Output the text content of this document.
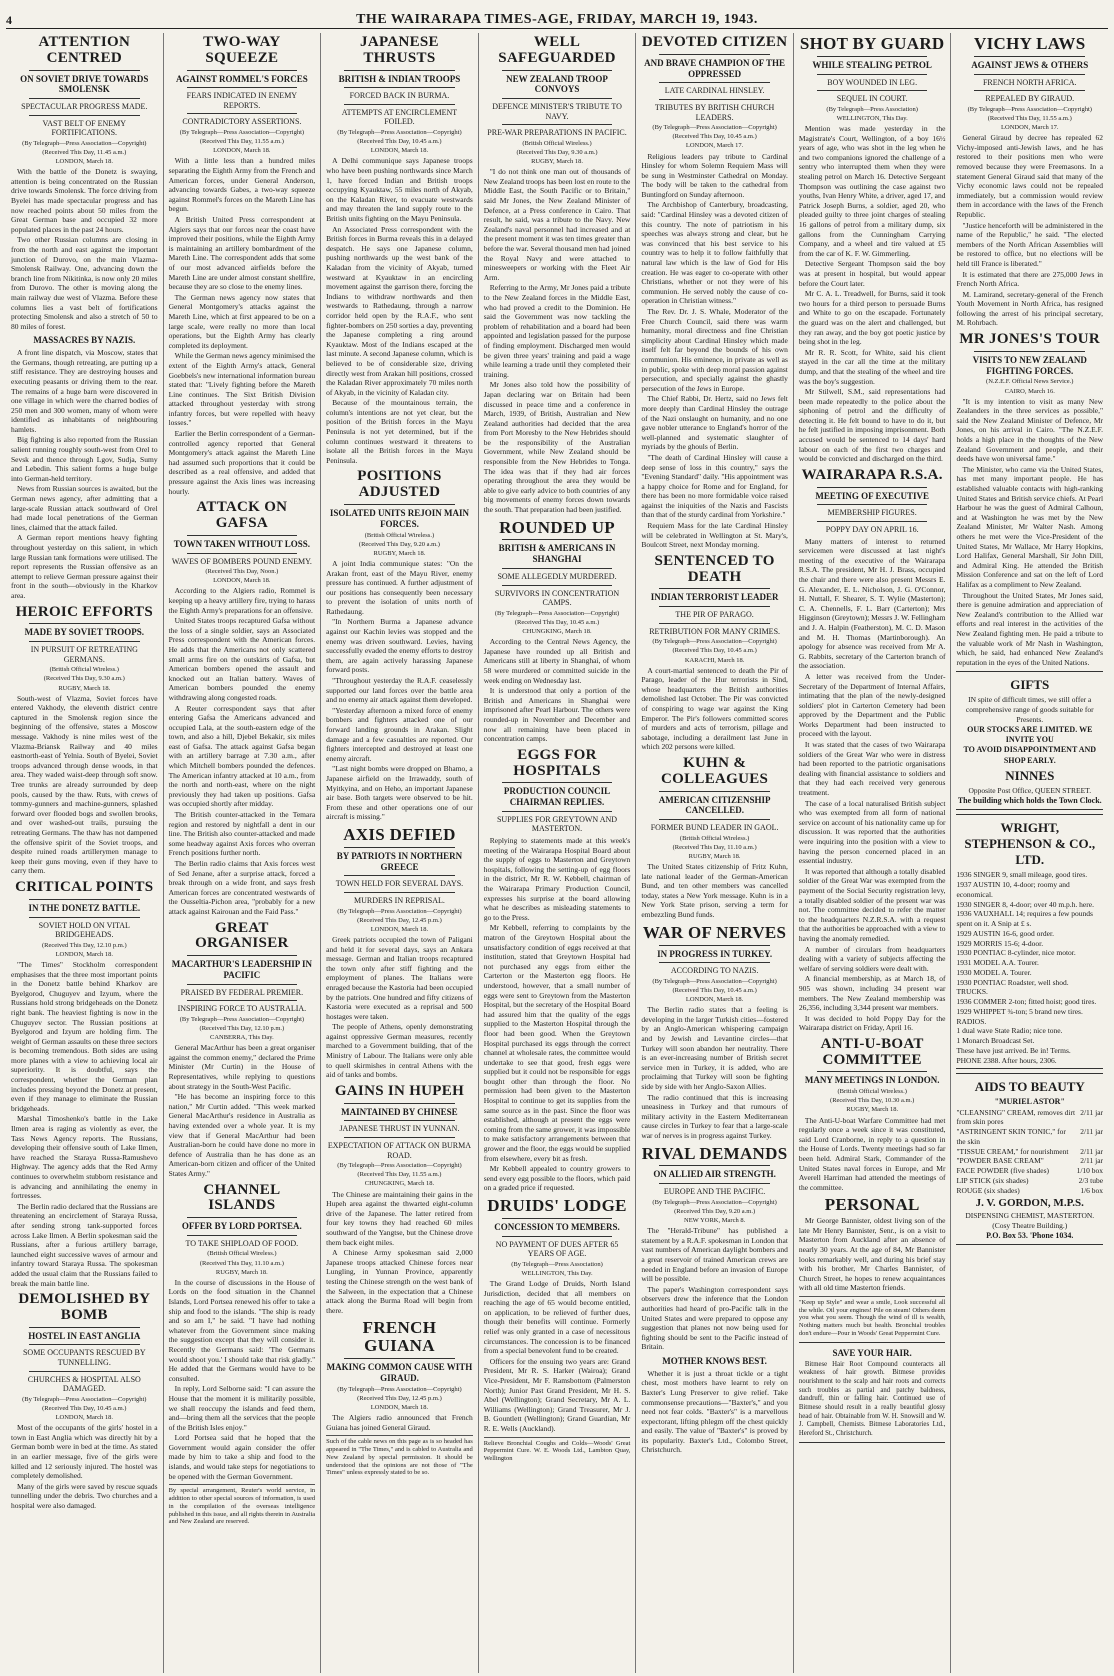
4	THE WAIRARAPA TIMES-AGE, FRIDAY, MARCH 19, 1943.
ATTENTION CENTRED
ON SOVIET DRIVE TOWARDS SMOLENSK
SPECTACULAR PROGRESS MADE.
VAST BELT OF ENEMY FORTIFICATIONS.
(By Telegraph—Press Association—Copyright)
(Received This Day, 11.45 a.m.)
LONDON, March 18.

With the battle of the Donetz is swaying, attention is being concentrated on the Russian drive towards Smolensk. The force driving from Byelei has made spectacular progress and has now reached points about 50 miles from the Great German base and occupied 32 more populated places in the past 24 hours.

Two other Russian columns are closing in from the north and east against the important junction of Durovo, on the main Vlazma-Smolensk Railway. One, advancing down the branch line from Nikitinka, is now only 20 miles from Durovo. The other is moving along the main railway due west of Vlazma. Before these columns lies a vast belt of fortifications protecting Smolensk and also a stretch of 50 to 80 miles of forest.

MASSACRES BY NAZIS.

A front line dispatch, via Moscow, states that the Germans, though retreating, are putting up a stiff resistance. They are destroying houses and executing peasants or driving them to the rear. The remains of a huge barn were discovered in one village in which were the charred bodies of 250 men and 300 women, many of whom were identified as inhabitants of neighbouring hamlets.

Big fighting is also reported from the Russian salient running roughly south-west from Orel to Sevsk and thence through Lgov, Sudja, Sumy and Lebedin. This salient forms a huge bulge into German-held territory.

News from Russian sources is awaited, but the German news agency, after admitting that a large-scale Russian attack southward of Orel had made local penetrations of the German lines, claimed that the attack failed.

A German report mentions heavy fighting throughout yesterday on this salient, in which large Russian tank formations were utilised. The report represents the Russian offensive as an attempt to relieve German pressure against their front in the south—obviously in the Kharkov area.

HEROIC EFFORTS
MADE BY SOVIET TROOPS.
IN PURSUIT OF RETREATING GERMANS.
(British Official Wireless.)
(Received This Day, 9.30 a.m.)
RUGBY, March 18.

South-west of Vlazma, Soviet forces have entered Vakhody, the eleventh district centre captured in the Smolensk region since the beginning of the offensive, states a Moscow message. Vakhody is nine miles west of the Vlazma-Briansk Railway and 40 miles eastnorth-east of Yelnia. South of Byelei, Soviet troops advanced through dense woods, in that area. They waded waist-deep through soft snow. Tree trunks are already surrounded by deep pools, caused by the thaw. Ruts, with crews of tommy-gunners and machine-gunners, splashed forward over flooded bogs and swollen brooks, and over washed-out trails, pursuing the retreating Germans. The thaw has not dampened the offensive spirit of the Soviet troops, and despite ruined roads artillerymen manage to keep their guns moving, even if they have to carry them.

CRITICAL POINTS
IN THE DONETZ BATTLE.
SOVIET HOLD ON VITAL BRIDGEHEADS.
(Received This Day, 12.10 p.m.)
LONDON, March 18.

"The Times" Stockholm correspondent emphasises that the three most important points in the Donetz battle behind Kharkov are Byelgorod, Chuguyev and Izyum, where the Russians hold strong bridgeheads on the Donetz right bank. The heaviest fighting is now in the Chuguyev sector. The Russian positions at Byelgorod and Izyum are holding firm. The weight of German assaults on these three sectors is becoming tremendous. Both sides are using more planes with a view to achieving local air superiority. It is doubtful, says the correspondent, whether the German plan includes pressing beyond the Donetz at present, even if they manage to eliminate the Russian bridgeheads.

Marshal Timoshenko's battle in the Lake Ilmen area is raging as violently as ever, the Tass News Agency reports. The Russians, developing their offensive south of Lake Ilmen, have reached the Staraya Russa-Ramushevo Highway. The agency adds that the Red Army continues to overwhelm stubborn resistance and is advancing and annihilating the enemy in fortresses.

The Berlin radio declared that the Russians are threatening an encirclement of Staraya Russa, after sending strong tank-supported forces across Lake Ilmen. A Berlin spokesman said the Russians, after a furious artillery barrage, launched eight successive waves of armour and infantry toward Staraya Russa. The spokesman added the usual claim that the Russians failed to break the main battle line.

DEMOLISHED BY BOMB
HOSTEL IN EAST ANGLIA
SOME OCCUPANTS RESCUED BY TUNNELLING.
CHURCHES & HOSPITAL ALSO DAMAGED.
(By Telegraph—Press Association—Copyright)
(Received This Day, 10.45 a.m.)
LONDON, March 18.

Most of the occupants of the girls' hostel in a town in East Anglia which was directly hit by a German bomb were in bed at the time. As stated in an earlier message, five of the girls were killed and 12 seriously injured. The hostel was completely demolished.

Many of the girls were saved by rescue squads tunnelling under the debris. Two churches and a hospital were also damaged.

TWO-WAY SQUEEZE
AGAINST ROMMEL'S FORCES
FEARS INDICATED IN ENEMY REPORTS.
CONTRADICTORY ASSERTIONS.
(By Telegraph—Press Association—Copyright)
(Received This Day, 11.55 a.m.)
LONDON, March 18.

With a little less than a hundred miles separating the Eighth Army from the French and American forces, under General Anderson, advancing towards Gabes, a two-way squeeze against Rommel's forces on the Mareth Line has begun.

A British United Press correspondent at Algiers says that our forces near the coast have improved their positions, while the Eighth Army is maintaining an artillery bombardment of the Mareth Line. The correspondent adds that some of our most advanced airfields before the Mareth Line are under almost constant shellfire, because they are so close to the enemy lines.

The German news agency now states that General Montgomery's attacks against the Mareth Line, which at first appeared to be on a large scale, were really no more than local operations, but the Eighth Army has clearly completed its deployment.

While the German news agency minimised the extent of the Eighth Army's attack, General Goebbels's new international information bureau stated that: "Lively fighting before the Mareth Line continues. The Sixt British Division attacked throughout yesterday with strong infantry forces, but were repelled with heavy losses."

Earlier the Berlin correspondent of a German-controlled agency reported that General Montgomery's attack against the Mareth Line had assumed such proportions that it could be described as a real offensive, and added that pressure against the Axis lines was increasing hourly.

ATTACK ON GAFSA
TOWN TAKEN WITHOUT LOSS.
WAVES OF BOMBERS POUND ENEMY.
(Received This Day, Noon.)
LONDON, March 18.

According to the Algiers radio, Rommel is keeping up a heavy artillery fire, trying to harass the Eighth Army's preparations for an offensive.

United States troops recaptured Gafsa without the loss of a single soldier, says an Associated Press correspondent with the American forces. He adds that the Americans not only scattered small arms fire on the outskirts of Gafsa, but American bombers opened the assault and knocked out an Italian battery. Waves of American bombers pounded the enemy withdrawing along congested roads.

A Reuter correspondent says that after entering Gafsa the Americans advanced and occupied Lala, at the south-eastern edge of the town, and also a hill, Djebel Bekakir, six miles east of Gafsa. The attack against Gafsa began with an artillery barrage at 7.30 a.m., after which Mitchell bombers pounded the defences. The American infantry attacked at 10 a.m., from the north and north-east, where on the night previously they had taken up positions. Gafsa was occupied shortly after midday.

The British counter-attacked in the Temara region and restored by nightfall a dent in our line. The British also counter-attacked and made some headway against Axis forces who overran French positions further north.

The Berlin radio claims that Axis forces west of Sed Jenane, after a surprise attack, forced a break through on a wide front, and says fresh American forces are concentrated westwards of the Ousseltia-Pichon area, "probably for a new attack against Kairouan and the Faid Pass."

GREAT ORGANISER
MACARTHUR'S LEADERSHIP IN PACIFIC
PRAISED BY FEDERAL PREMIER.
INSPIRING FORCE TO AUSTRALIA.
(By Telegraph—Press Association—Copyright)
(Received This Day, 12.10 p.m.)
CANBERRA, This Day.

General MacArthur has been a great organiser against the common enemy," declared the Prime Minister (Mr Curtin) in the House of Representatives, while replying to questions about strategy in the South-West Pacific.

"He has become an inspiring force to this nation," Mr Curtin added. "This week marked General MacArthur's residence in Australia as having extended over a whole year. It is my view that if General MacArthur had been Australian-born he could have done no more in defence of Australia than he has done as an American-born citizen and officer of the United States Army."

CHANNEL ISLANDS
OFFER BY LORD PORTSEA.
TO TAKE SHIPLOAD OF FOOD.
(British Official Wireless.)
(Received This Day, 11.10 a.m.)
RUGBY, March 18.

In the course of discussions in the House of Lords on the food situation in the Channel Islands, Lord Portsea renewed his offer to take a ship and food to the islands. "The ship is ready and so am I," he said. "I have had nothing whatever from the Government since making the suggestion except that they will consider it. Recently the Germans said: 'The Germans would shoot you.' I should take that risk gladly." He added that the Germans would have to be consulted.

In reply, Lord Selborne said: "I can assure the House that the moment it is militarily possible, we shall reoccupy the islands and feed them, and—bring them all the services that the people of the British Isles enjoy."

Lord Portsea said that he hoped that the Government would again consider the offer made by him to take a ship and food to the islands, and would take steps for negotiations to be opened with the German Government.

By special arrangement, Reuter's world service, in addition to other special sources of information, is used in the compilation of the overseas intelligence published in this issue, and all rights therein in Australia and New Zealand are reserved.
JAPANESE THRUSTS
BRITISH & INDIAN TROOPS
FORCED BACK IN BURMA.
ATTEMPTS AT ENCIRCLEMENT FOILED.
(By Telegraph—Press Association—Copyright)
(Received This Day, 10.45 a.m.)
LONDON, March 18.

A Delhi communique says Japanese troops who have been pushing northwards since March 1, have forced Indian and British troops occupying Kyauktaw, 55 miles north of Akyab, on the Kaladan River, to evacuate westwards and may threaten the land supply route to the British units fighting on the Mayu Peninsula.

An Associated Press correspondent with the British forces in Burma reveals this in a delayed despatch. He says one Japanese column, pushing northwards up the west bank of the Kaladan from the vicinity of Akyab, turned westward at Kyauktaw in an encircling movement against the garrison there, forcing the Indians to withdraw northwards and then westwards to Rathedaung, through a narrow corridor held open by the R.A.F., who sent fighter-bombers on 250 sorties a day, preventing the Japanese completing a ring around Kyauktaw. Most of the Indians escaped at the last minute. A second Japanese column, which is believed to be of considerable size, driving directly west from Arakan hill positions, crossed the Kaladan River approximately 70 miles north of Akyab, in the vicinity of Kaladan city.

Because of the mountainous terrain, the column's intentions are not yet clear, but the position of the British forces in the Mayu Peninsula is not yet determined, but if the column continues westward it threatens to isolate all the British forces in the Mayu Peninsula.

POSITIONS ADJUSTED
ISOLATED UNITS REJOIN MAIN FORCES.
(British Official Wireless.)
(Received This Day, 9.20 a.m.)
RUGBY, March 18.

A joint India communique states: "On the Arakan front, east of the Mayu River, enemy pressure has continued. A further adjustment of our positions has consequently been necessary to prevent the isolation of units north of Rathedaung.

"In Northern Burma a Japanese advance against our Kachin levies was stopped and the enemy was driven southward. Levies, having successfully evaded the enemy efforts to destroy them, are again actively harassing Japanese forward posts.

"Throughout yesterday the R.A.F. ceaselessly supported our land forces over the battle area and no enemy air attack against them developed.

"Yesterday afternoon a mixed force of enemy bombers and fighters attacked one of our forward landing grounds in Arakan. Slight damage and a few casualties are reported. Our fighters intercepted and destroyed at least one enemy aircraft.

"Last night bombs were dropped on Bhamo, a Japanese airfield on the Irrawaddy, south of Myitkyina, and on Heho, an important Japanese air base. Both targets were observed to be hit. From these and other operations one of our aircraft is missing."

AXIS DEFIED
BY PATRIOTS IN NORTHERN GREECE
TOWN HELD FOR SEVERAL DAYS.
MURDERS IN REPRISAL.
(By Telegraph—Press Association—Copyright)
(Received This Day, 12.45 p.m.)
LONDON, March 18.

Greek patriots occupied the town of Paligani and held it for several days, says an Ankara message. German and Italian troops recaptured the town only after stiff fighting and the employment of planes. The Italians were enraged because the Kastoria had been occupied by the patriots. One hundred and fifty citizens of Kastoria were executed as a reprisal and 500 hostages were taken.

The people of Athens, openly demonstrating against oppressive German measures, recently marched to a Government building, that of the Ministry of Labour. The Italians were only able to quell skirmishes in central Athens with the aid of tanks and bombs.

GAINS IN HUPEH
MAINTAINED BY CHINESE
JAPANESE THRUST IN YUNNAN.
EXPECTATION OF ATTACK ON BURMA ROAD.
(By Telegraph—Press Association—Copyright)
(Received This Day, 11.55 a.m.)
CHUNGKING, March 18.

The Chinese are maintaining their gains in the Hupeh area against the thwarted eight-column drive of the Japanese. The latter retired from four key towns they had reached 60 miles southward of the Yangtse, but the Chinese drove them back eight miles.

A Chinese Army spokesman said 2,000 Japanese troops attacked Chinese forces near Lungling, in Yunnan Province, apparently testing the Chinese strength on the west bank of the Salween, in the expectation that a Chinese attack along the Burma Road will begin from there.

FRENCH GUIANA
MAKING COMMON CAUSE WITH GIRAUD.
(By Telegraph—Press Association—Copyright)
(Received This Day, 12.45 p.m.)
LONDON, March 18.

The Algiers radio announced that French Guiana has joined General Giraud.

Such of the cable news on this page as is so headed has appeared in "The Times," and is cabled to Australia and New Zealand by special permission. It should be understood that the opinions are not those of "The Times" unless expressly stated to be so.
WELL SAFEGUARDED
NEW ZEALAND TROOP CONVOYS
DEFENCE MINISTER'S TRIBUTE TO NAVY.
PRE-WAR PREPARATIONS IN PACIFIC.
(British Official Wireless.)
(Received This Day, 9.30 a.m.)
RUGBY, March 18.

"I do not think one man out of thousands of New Zealand troops has been lost en route to the Middle East, the South Pacific or to Britain," said Mr Jones, the New Zealand Minister of Defence, at a Press conference in Cairo. That result, he said, was a tribute to the Navy. New Zealand's naval personnel had increased and at the present moment it was ten times greater than before the war. Several thousand men had joined the Royal Navy and were attached to minesweepers or working with the Fleet Air Arm.

Referring to the Army, Mr Jones paid a tribute to the New Zealand forces in the Middle East, who had proved a credit to the Dominion. He said the Government was now tackling the problem of rehabilitation and a board had been appointed and legislation passed for the purpose of finding employment. Discharged men would be given three years' training and paid a wage while learning a trade until they completed their training.

Mr Jones also told how the possibility of Japan declaring war on Britain had been discussed in peace time and a conference in March, 1939, of British, Australian and New Zealand authorities had decided that the area from Port Moresby to the New Hebrides should be the responsibility of the Australian Government, while New Zealand should be responsible from the New Hebrides to Tonga. The idea was that if they had air forces operating throughout the area they would be able to give early advice to both countries of any big movements of enemy forces down towards the south. That preparation had been justified.

ROUNDED UP
BRITISH & AMERICANS IN SHANGHAI
SOME ALLEGEDLY MURDERED.
SURVIVORS IN CONCENTRATION CAMPS.
(By Telegraph—Press Association—Copyright)
(Received This Day, 10.45 a.m.)
CHUNGKING, March 18.

According to the Central News Agency, the Japanese have rounded up all British and Americans still at liberty in Shanghai, of whom 58 were murdered or committed suicide in the week ending on Wednesday last.

It is understood that only a portion of the British and Americans in Shanghai were imprisoned after Pearl Harbour. The others were rounded-up in November and December and now all remaining have been placed in concentration camps.

EGGS FOR HOSPITALS
PRODUCTION COUNCIL CHAIRMAN REPLIES.
SUPPLIES FOR GREYTOWN AND MASTERTON.

Replying to statements made at this week's meeting of the Wairarapa Hospital Board about the supply of eggs to Masterton and Greytown hospitals, following the setting-up of egg floors in the district, Mr R. W. Kebbell, chairman of the Wairarapa Primary Production Council, expresses his surprise at the board allowing what he describes as misleading statements to go to the Press.

Mr Kebbell, referring to complaints by the matron of the Greytown Hospital about the unsatisfactory condition of eggs received at that institution, stated that Greytown Hospital had not purchased any eggs from either the Carterton or the Masterton egg floors. He understood, however, that a small number of eggs were sent to Greytown from the Masterton Hospital, but the secretary of the Hospital Board had assured him that the quality of the eggs supplied to the Masterton Hospital through the floor had been good. When the Greytown Hospital purchased its eggs through the correct channel at wholesale rates, the committee would undertake to see that good, fresh eggs were supplied but it could not be responsible for eggs bought other than through the floor. No permission had been given to the Masterton Hospital to continue to get its supplies from the same source as in the past. Since the floor was established, although at present the eggs were coming from the same grower, it was impossible to make satisfactory arrangements between that grower and the floor, the eggs would be supplied from elsewhere, every bit as fresh.

Mr Kebbell appealed to country growers to send every egg possible to the floors, which paid on a graded price if requested.

DRUIDS' LODGE
CONCESSION TO MEMBERS.
NO PAYMENT OF DUES AFTER 65 YEARS OF AGE.
(By Telegraph—Press Association)
WELLINGTON, This Day.

The Grand Lodge of Druids, North Island Jurisdiction, decided that all members on reaching the age of 65 would become entitled, on application, to be relieved of further dues, though their benefits will continue. Formerly relief was only granted in a case of necessitous circumstances. The concession is to be financed from a special benevolent fund to be created.

Officers for the ensuing two years are: Grand President, Mr R. S. Harker (Wairoa); Grand Vice-President, Mr F. Ramsbottom (Palmerston North); Junior Past Grand President, Mr H. S. Abel (Wellington); Grand Secretary, Mr A. L. Williams (Wellington); Grand Treasurer, Mr J. B. Gountlett (Wellington); Grand Guardian, Mr R. E. Wells (Auckland).

Relieve Bronchial Coughs and Colds—Woods' Great Peppermint Cure. W. E. Woods Ltd., Lambton Quay, Wellington
DEVOTED CITIZEN
AND BRAVE CHAMPION OF THE OPPRESSED
LATE CARDINAL HINSLEY.
TRIBUTES BY BRITISH CHURCH LEADERS.
(By Telegraph—Press Association—Copyright)
(Received This Day, 10.45 a.m.)
LONDON, March 17.

Religious leaders pay tribute to Cardinal Hinsley for whom Solemn Requiem Mass will be sung in Westminster Cathedral on Monday. The body will be taken to the cathedral from Buntingford on Sunday afternoon.

The Archbishop of Canterbury, broadcasting, said: "Cardinal Hinsley was a devoted citizen of this country. The note of patriotism in his speeches was always strong and clear, but he was convinced that his best service to his country was to help it to follow faithfully that natural law which is the law of God for His creation. He was eager to co-operate with other Christians, whether or not they were of his communion. He served nobly the cause of co-operation in Christian witness."

The Rev. Dr. J. S. Whale, Moderator of the Free Church Council, said there was warm humanity, moral directness and fine Christian simplicity about Cardinal Hinsley which made itself felt far beyond the bounds of his own communion. His eminence, in private as well as in public, spoke with deep moral passion against persecution, and specially against the ghastly persecution of the Jews in Europe.

The Chief Rabbi, Dr. Hertz, said no Jews felt more deeply than Cardinal Hinsley the outrage of the Nazi onslaught on humanity, and no one gave nobler utterance to England's horror of the well-planned and systematic slaughter of myriads by the ghouls of Berlin.

"The death of Cardinal Hinsley will cause a deep sense of loss in this country," says the "Evening Standard" daily. "His appointment was a happy choice for Rome and for England, for there has been no more formidable voice raised against the iniquities of the Nazis and Fascists than that of the sturdy cardinal from Yorkshire."

Requiem Mass for the late Cardinal Hinsley will be celebrated in Wellington at St. Mary's, Boulcott Street, next Monday morning.

SENTENCED TO DEATH
INDIAN TERRORIST LEADER
THE PIR OF PARAGO.
RETRIBUTION FOR MANY CRIMES.
(By Telegraph—Press Association—Copyright)
(Received This Day, 10.45 a.m.)
KARACHI, March 18.

A court-martial sentenced to death the Pir of Parago, leader of the Hur terrorists in Sind, whose headquarters the British authorities demolished last October. The Pir was convicted of conspiring to wage war against the King Emperor. The Pir's followers committed scores of murders and acts of terrorism, pillage and sabotage, including a derailment last June in which 202 persons were killed.

KUHN & COLLEAGUES
AMERICAN CITIZENSHIP CANCELLED.
FORMER BUND LEADER IN GAOL.
(British Official Wireless.)
(Received This Day, 11.10 a.m.)
RUGBY, March 18.

The United States citizenship of Fritz Kuhn, late national leader of the German-American Bund, and ten other members was cancelled today, states a New York message. Kuhn is in a New York State prison, serving a term for embezzling Bund funds.

WAR OF NERVES
IN PROGRESS IN TURKEY.
ACCORDING TO NAZIS.
(By Telegraph—Press Association—Copyright)
(Received This Day, 10.45 a.m.)
LONDON, March 18.

The Berlin radio states that a feeling is developing in the larger Turkish cities—fostered by an Anglo-American whispering campaign and by Jewish and Levantine circles—that Turkey will soon abandon her neutrality. There is an ever-increasing number of British secret service men in Turkey, it is added, who are proclaiming that Turkey will soon be fighting side by side with her Anglo-Saxon Allies.

The radio continued that this is increasing uneasiness in Turkey and that rumours of military activity in the Eastern Mediterranean cause circles in Turkey to fear that a large-scale war of nerves is in progress against Turkey.

RIVAL DEMANDS
ON ALLIED AIR STRENGTH.
EUROPE AND THE PACIFIC.
(By Telegraph—Press Association—Copyright)
(Received This Day, 9.20 a.m.)
NEW YORK, March 8.

The "Herald-Tribune" has published a statement by a R.A.F. spokesman in London that vast numbers of American daylight bombers and a great reservoir of trained American crews are needed in England before an invasion of Europe will be possible.

The paper's Washington correspondent says observers drew the inference that the London authorities had heard of pro-Pacific talk in the United States and were prepared to oppose any suggestion that planes not now being used for fighting should be sent to the Pacific instead of Britain.

MOTHER KNOWS BEST.

Whether it is just a throat tickle or a tight chest, most mothers have learnt to rely on Baxter's Lung Preserver to give relief. Take commonsense precautions—"Baxter's," and you need not fear colds. "Baxter's" is a marvellous expectorant, lifting phlegm off the chest quickly and easily. The value of "Baxter's" is proved by its popularity. Baxter's Ltd., Colombo Street, Christchurch.

SHOT BY GUARD
WHILE STEALING PETROL
BOY WOUNDED IN LEG.
SEQUEL IN COURT.
(By Telegraph—Press Association)
WELLINGTON, This Day.

Mention was made yesterday in the Magistrate's Court, Wellington, of a boy 16½ years of age, who was shot in the leg when he and two companions ignored the challenge of a sentry who interrupted them when they were stealing petrol on March 16. Detective Sergeant Thompson was outlining the case against two youths, Ivan Henry White, a driver, aged 17, and Patrick Joseph Burns, a soldier, aged 20, who pleaded guilty to three joint charges of stealing 16 gallons of petrol from a military dump, six gallons from the Cunningham Carrying Company, and a wheel and tire valued at £5 from the car of K. F. W. Gimmerling.

Detective Sergeant Thompson said the boy was at present in hospital, but would appear before the Court later.

Mr C. A. L. Treadwell, for Burns, said it took two hours for a third person to persuade Burns and White to go on the escapade. Fortunately the guard was on the alert and challenged, but they ran away, and the boy got poetic justice by being shot in the leg.

Mr R. R. Scott, for White, said his client stayed in the car all the time at the military dump, and that the stealing of the wheel and tire was the boy's suggestion.

Mr Stilwell, S.M., said representations had been made repeatedly to the police about the siphoning of petrol and the difficulty of detecting it. He felt bound to have to do it, but he felt justified in imposing imprisonment. Both accused would be sentenced to 14 days' hard labour on each of the first two charges and would be convicted and discharged on the third.

WAIRARAPA R.S.A.
MEETING OF EXECUTIVE
MEMBERSHIP FIGURES.
POPPY DAY ON APRIL 16.

Many matters of interest to returned servicemen were discussed at last night's meeting of the executive of the Wairarapa R.S.A. The president, Mr H. J. Brass, occupied the chair and there were also present Messrs E. G. Alexander, E. L. Nicholson, J. G. O'Connor, H. Nuttall, F. Shearer, S. T. Wylie (Masterton); C. A. Chennells, F. L. Barr (Carterton); Mrs Higginson (Greytown); Messrs J. W. Fellingham and J. A. Halpin (Featherston), M. C. D. Mason and M. H. Thomas (Martinborough). An apology for absence was received from Mr A. G. Rabbits, secretary of the Carterton branch of the association.

A letter was received from the Under-Secretary of the Department of Internal Affairs, intimating that the plan of the newly-designed soldiers' plot in Carterton Cemetery had been approved by the Department and the Public Works Department had been instructed to proceed with the layout.

It was stated that the cases of two Wairarapa soldiers of the Great War who were in distress had been reported to the patriotic organisations dealing with financial assistance to soldiers and that they had each received very generous treatment.

The case of a local naturalised British subject who was exempted from all form of national service on account of his nationality came up for discussion. It was reported that the authorities were inquiring into the position with a view to having the person concerned placed in an essential industry.

It was reported that although a totally disabled soldier of the Great War was exempted from the payment of the Social Security registration levy, a totally disabled soldier of the present war was not. The committee decided to refer the matter to the headquarters N.Z.R.S.A. with a request that the authorities be approached with a view to having the anomaly remedied.

A number of circulars from headquarters dealing with a variety of subjects affecting the welfare of serving soldiers were dealt with.

A financial membership, as at March 18, of 905 was shown, including 34 present war members. The New Zealand membership was 26,356, including 3,344 present war members.

It was decided to hold Poppy Day for the Wairarapa district on Friday, April 16.

ANTI-U-BOAT COMMITTEE
MANY MEETINGS IN LONDON.
(British Official Wireless.)
(Received This Day, 10.30 a.m.)
RUGBY, March 18.

The Anti-U-boat Warfare Committee had met regularly once a week since it was constituted, said Lord Cranborne, in reply to a question in the House of Lords. Twenty meetings had so far been held. Admiral Stark, Commander of the United States naval forces in Europe, and Mr Averell Harriman had attended the meetings of the committee.

PERSONAL

Mr George Bannister, oldest living son of the late Mr Henry Bannister, Senr., is on a visit to Masterton from Auckland after an absence of nearly 30 years. At the age of 84, Mr Bannister looks remarkably well, and during his brief stay with his brother, Mr Charles Bannister, of Church Street, he hopes to renew acquaintances with all old time Masterton friends.

"Keep up Style" and wear a smile, Look successful all the while. Oil your engines! Pile on steam! Others deem you what you seem. Though the wind of ill is wealth, Nothing matters much but health. Bronchial troubles don't endure—Pour in Woods' Great Peppermint Cure.
SAVE YOUR HAIR.

Bitmese Hair Root Compound counteracts all weakness of hair growth. Bitmese provides nourishment to the scalp and hair roots and corrects such troubles as partial and patchy baldness, dandruff, thin or falling hair. Continued use of Bitmese should result in a really beautiful glossy head of hair. Obtainable from W. H. Snowsill and W. J. Campbell, Chemists. Bitmese Laboratories Ltd., Hereford St., Christchurch.

VICHY LAWS
AGAINST JEWS & OTHERS
FRENCH NORTH AFRICA.
REPEALED BY GIRAUD.
(By Telegraph—Press Association—Copyright)
(Received This Day, 11.55 a.m.)
LONDON, March 17.

General Giraud by decree has repealed 62 Vichy-imposed anti-Jewish laws, and he has restored to their positions men who were removed because they were Freemasons. In a statement General Giraud said that many of the Vichy economic laws could not be repealed immediately, but a commission would review them in accordance with the laws of the French Republic.

"Justice henceforth will be administered in the name of the Republic," he said. "The elected members of the North African Assemblies will be restored to office, but no elections will be held till France is liberated."

It is estimated that there are 275,000 Jews in French North Africa.

M. Lamirand, secretary-general of the French Youth Movement in North Africa, has resigned following the arrest of his principal secretary, M. Rohrbach.

MR JONES'S TOUR
VISITS TO NEW ZEALAND FIGHTING FORCES.
(N.Z.E.F. Official News Service.)
CAIRO, March 16.

"It is my intention to visit as many New Zealanders in the three services as possible," said the New Zealand Minister of Defence, Mr Jones, on his arrival in Cairo. "The N.Z.E.F. holds a high place in the thoughts of the New Zealand Government and people, and their deeds have won universal fame."

The Minister, who came via the United States, has met many important people. He has established valuable contacts with high-ranking United States and British service chiefs. At Pearl Harbour he was the guest of Admiral Calhoun, and at Washington he was met by the New Zealand Minister, Mr Walter Nash. Among others he met were the Vice-President of the United States, Mr Wallace, Mr Harry Hopkins, Lord Halifax, General Marshall, Sir John Dill, and Admiral King. He attended the British Mission Conference and sat on the left of Lord Halifax as a compliment to New Zealand.

Throughout the United States, Mr Jones said, there is genuine admiration and appreciation of New Zealand's contribution to the Allied war efforts and real interest in the activities of the New Zealand fighting men. He paid a tribute to the valuable work of Mr Nash in Washington, which, he said, had enhanced New Zealand's reputation in the eyes of the United Nations.

GIFTS
IN spite of difficult times, we still offer a comprehensive range of goods suitable for Presents.
OUR STOCKS ARE LIMITED. WE INVITE YOU
TO AVOID DISAPPOINTMENT AND SHOP EARLY.
NINNES
Opposite Post Office, QUEEN STREET.
The building which holds the Town Clock.
WRIGHT, STEPHENSON & CO., LTD.
1936 SINGER 9, small mileage, good tires.
1937 AUSTIN 10, 4-door; roomy and economical.
1930 SINGER 8, 4-door; over 40 m.p.h. here.
1936 VAUXHALL 14; requires a few pounds spent on it. A Snip at £ s.
1929 AUSTIN 16-6, good order.
1929 MORRIS 15-6; 4-door.
1930 PONTIAC 8-cylinder, nice motor.
1931 MODEL A.A. Tourer.
1930 MODEL A. Tourer.
1930 PONTIAC Roadster, well shod.
TRUCKS.
1936 COMMER 2-ton; fitted hoist; good tires.
1929 WHIPPET ¾-ton; 5 brand new tires.
RADIOS.
1 dual wave State Radio; nice tone.
1 Monarch Broadcast Set.
These have just arrived. Be in! Terms.
PHONE 2388. After hours, 2306.
AIDS TO BEAUTY
"MURIEL ASTOR"
"CLEANSING" CREAM, removes dirt from skin pores
2/11 jar
"ASTRINGENT SKIN TONIC," for the skin
2/11 jar
"TISSUE CREAM," for nourishment	2/11 jar
"POWDER BASE CREAM"	2/11 jar
FACE POWDER (five shades)	1/10 box
LIP STICK (six shades)	2/3 tube
ROUGE (six shades)	1/6 box
J. V. GORDON, M.P.S.
DISPENSING CHEMIST, MASTERTON.
(Cosy Theatre Building.)
P.O. Box 53. 'Phone 1034.
